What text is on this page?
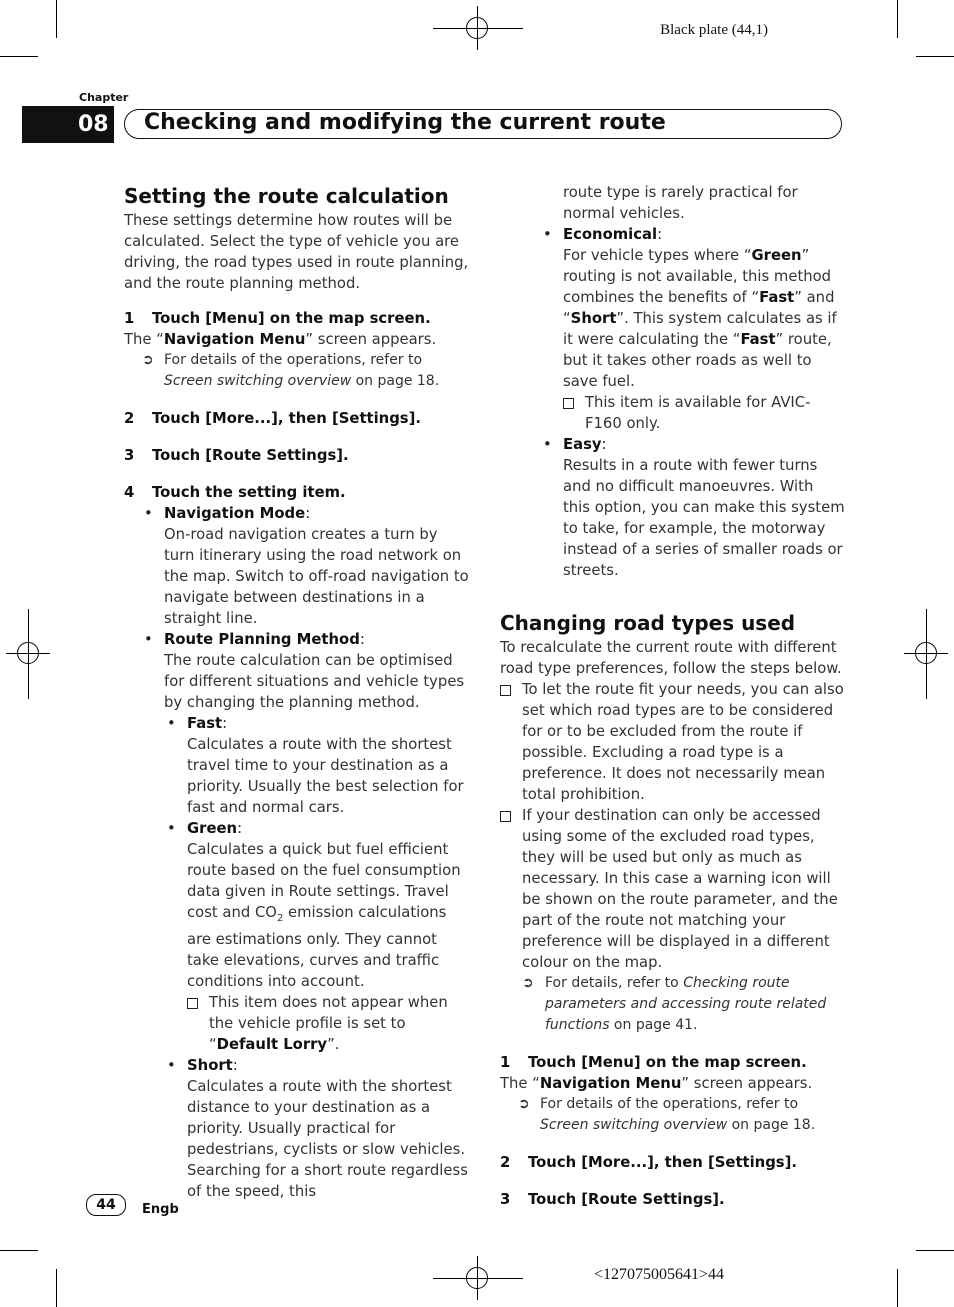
Black plate (44,1)
Chapter
08 Checking and modifying the current route
Setting the route calculation

These settings determine how routes will be calculated. Select the type of vehicle you are driving, the road types used in route planning, and the route planning method.

1 Touch [Menu] on the map screen.

The “Navigation Menu” screen appears.

➲ For details of the operations, refer to Screen switching overview on page 18.

2 Touch [More...], then [Settings].

3 Touch [Route Settings].

4 Touch the setting item.

• Navigation Mode:

On-road navigation creates a turn by turn itinerary using the road network on the map. Switch to off-road navigation to navigate between destinations in a straight line.

• Route Planning Method:

The route calculation can be optimised for different situations and vehicle types by changing the planning method.

• Fast:

Calculates a route with the shortest travel time to your destination as a priority. Usually the best selection for fast and normal cars.

• Green:

Calculates a quick but fuel efficient route based on the fuel consumption data given in Route settings. Travel cost and $CO_2$ emission calculations are estimations only. They cannot take elevations, curves and traffic conditions into account.

This item does not appear when the vehicle profile is set to “Default Lorry”.

• Short:

Calculates a route with the shortest distance to your destination as a priority. Usually practical for pedestrians, cyclists or slow vehicles. Searching for a short route regardless of the speed, this

route type is rarely practical for normal vehicles.

• Economical:

For vehicle types where “Green” routing is not available, this method combines the benefits of “Fast” and “Short”. This system calculates as if it were calculating the “Fast” route, but it takes other roads as well to save fuel.

This item is available for AVIC-F160 only.

• Easy:

Results in a route with fewer turns and no difficult manoeuvres. With this option, you can make this system to take, for example, the motorway instead of a series of smaller roads or streets.

Changing road types used

To recalculate the current route with different road type preferences, follow the steps below.

To let the route fit your needs, you can also set which road types are to be considered for or to be excluded from the route if possible. Excluding a road type is a preference. It does not necessarily mean total prohibition.

If your destination can only be accessed using some of the excluded road types, they will be used but only as much as necessary. In this case a warning icon will be shown on the route parameter, and the part of the route not matching your preference will be displayed in a different colour on the map.

➲ For details, refer to Checking route parameters and accessing route related functions on page 41.

1 Touch [Menu] on the map screen.

The “Navigation Menu” screen appears.

➲ For details of the operations, refer to Screen switching overview on page 18.

2 Touch [More...], then [Settings].

3 Touch [Route Settings].

44	Engb
<127075005641>44
